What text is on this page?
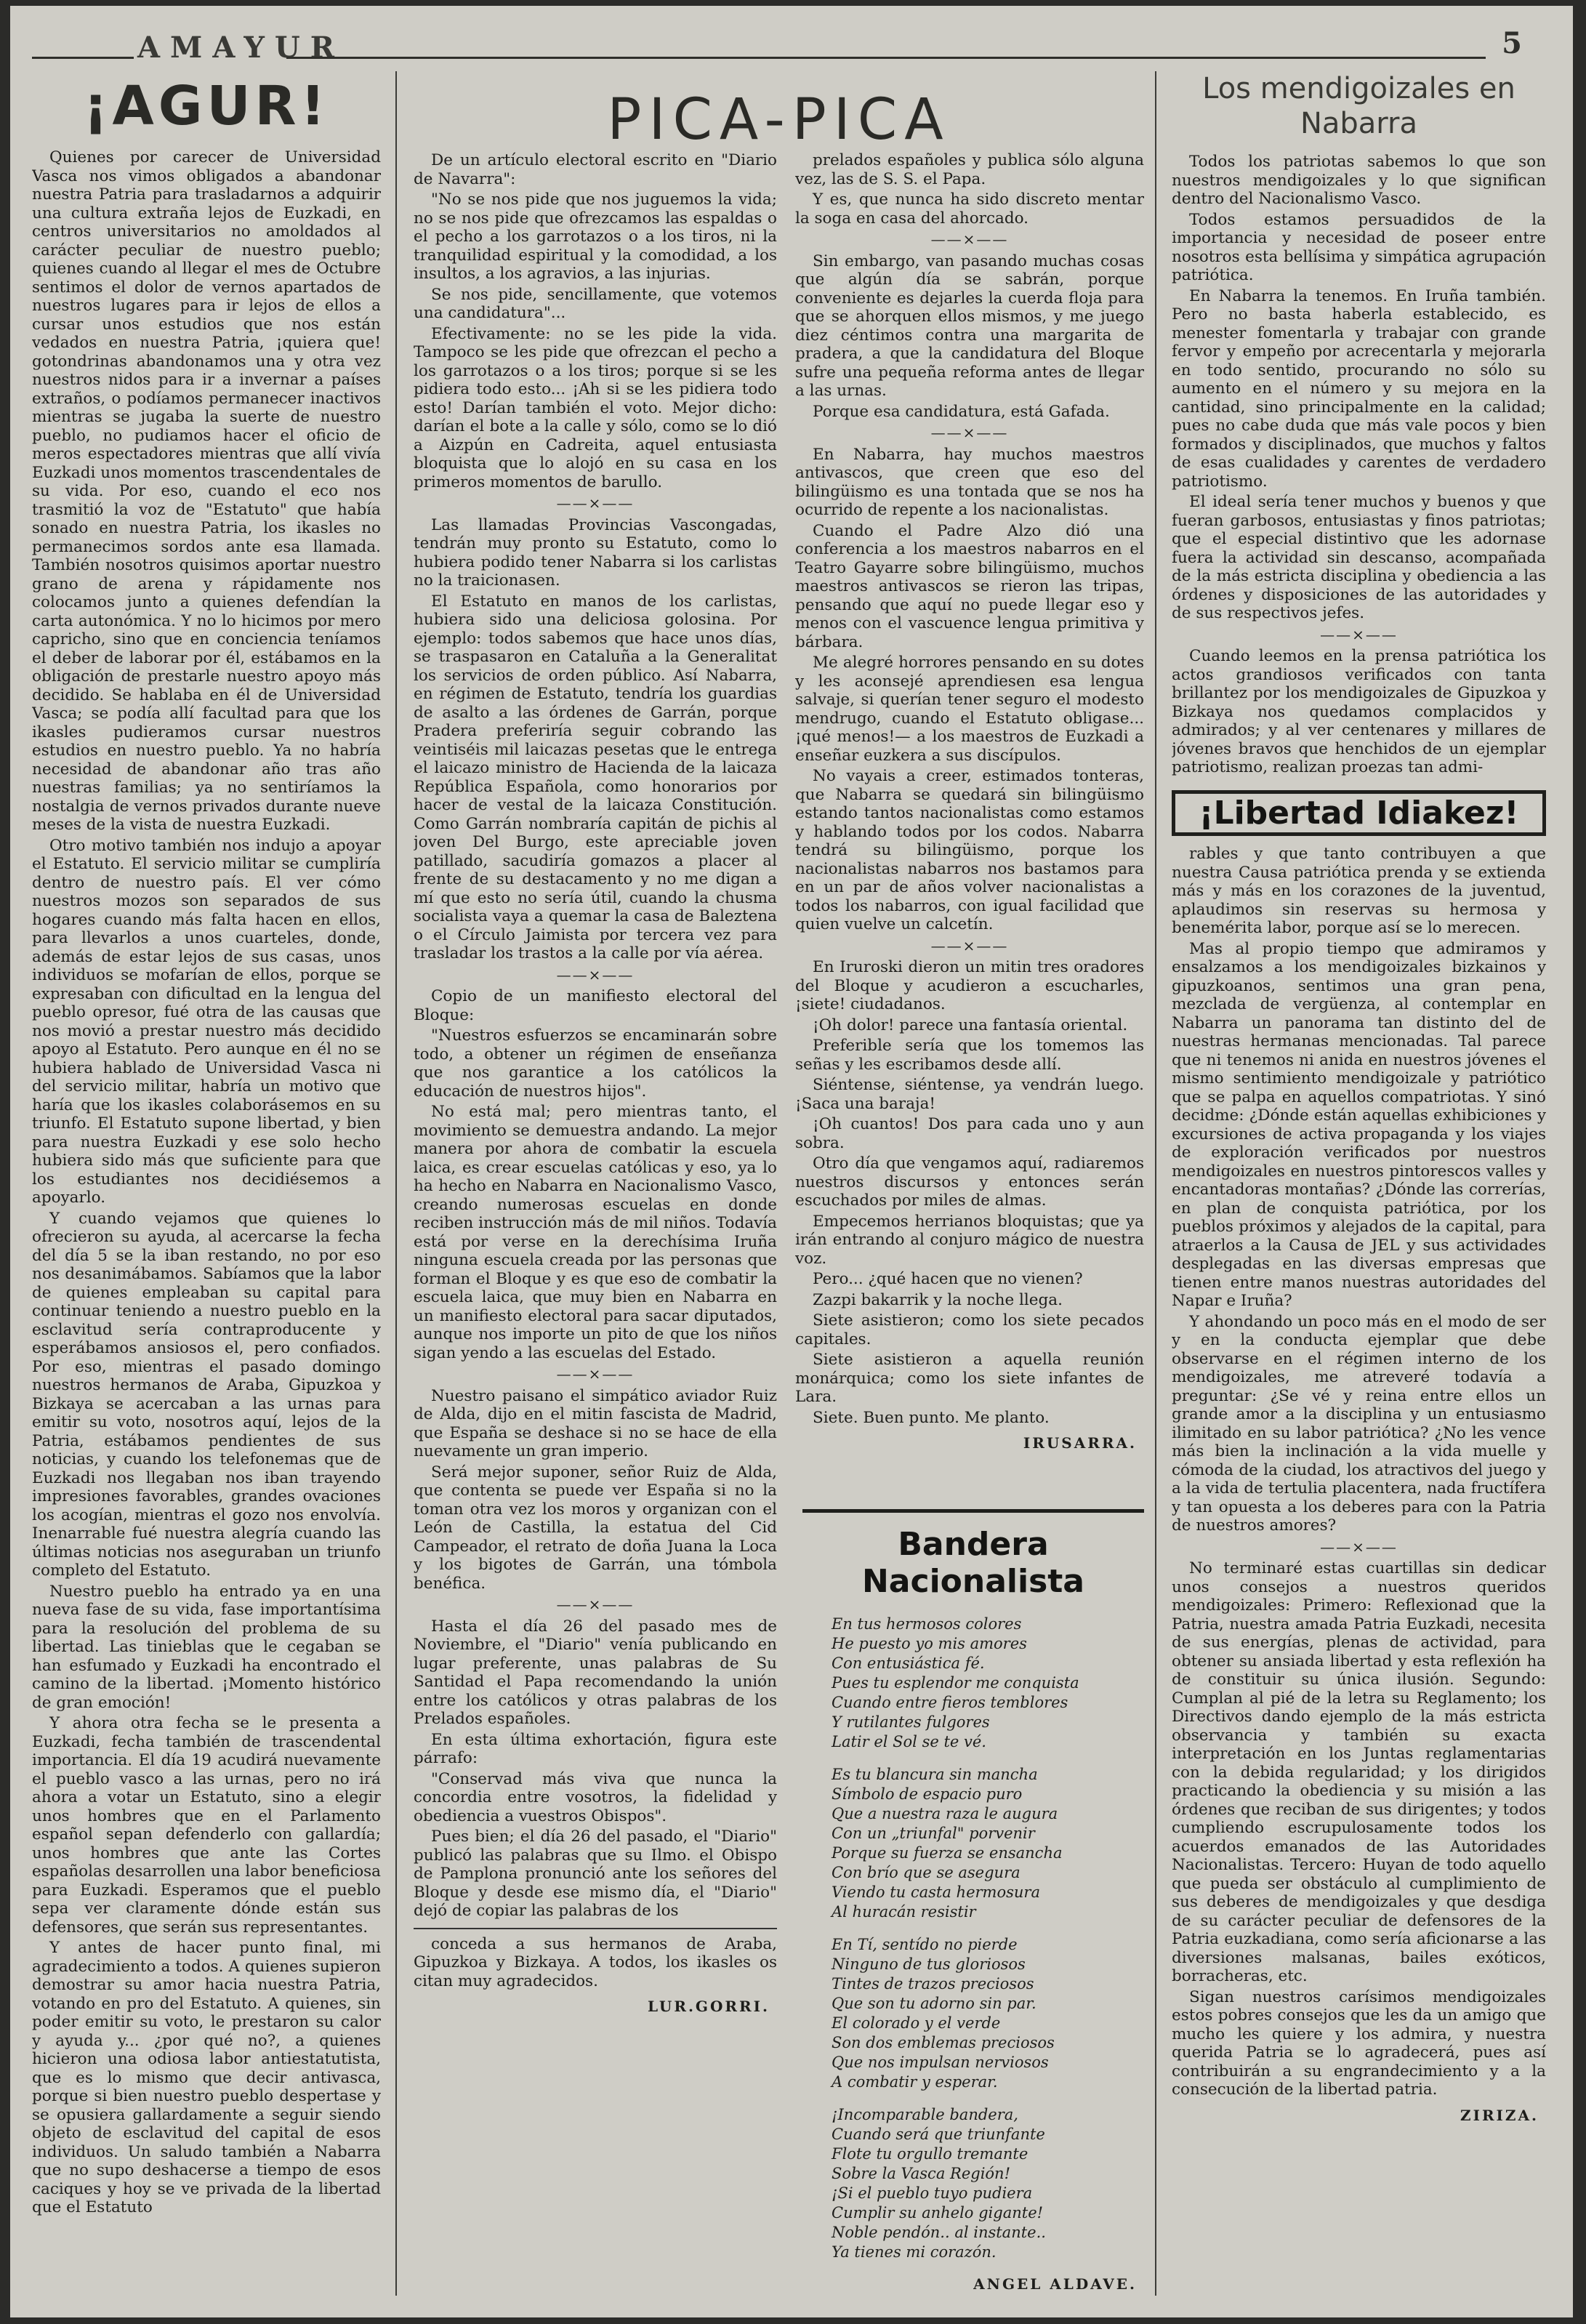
AMAYUR	5
¡AGUR!

Quienes por carecer de Universidad Vasca nos vimos obligados a abandonar nuestra Patria para trasladarnos a adquirir una cultura extraña lejos de Euzkadi, en centros universitarios no amoldados al carácter peculiar de nuestro pueblo; quienes cuando al llegar el mes de Octubre sentimos el dolor de vernos apartados de nuestros lugares para ir lejos de ellos a cursar unos estudios que nos están vedados en nuestra Patria, ¡quiera que! gotondrinas abandonamos una y otra vez nuestros nidos para ir a invernar a países extraños, o podíamos permanecer inactivos mientras se jugaba la suerte de nuestro pueblo, no pudiamos hacer el oficio de meros espectadores mientras que allí vivía Euzkadi unos momentos trascendentales de su vida. Por eso, cuando el eco nos trasmitió la voz de "Estatuto" que había sonado en nuestra Patria, los ikasles no permanecimos sordos ante esa llamada. También nosotros quisimos aportar nuestro grano de arena y rápidamente nos colocamos junto a quienes defendían la carta autonómica. Y no lo hicimos por mero capricho, sino que en conciencia teníamos el deber de laborar por él, estábamos en la obligación de prestarle nuestro apoyo más decidido. Se hablaba en él de Universidad Vasca; se podía allí facultad para que los ikasles pudieramos cursar nuestros estudios en nuestro pueblo. Ya no habría necesidad de abandonar año tras año nuestras familias; ya no sentiríamos la nostalgia de vernos privados durante nueve meses de la vista de nuestra Euzkadi.

Otro motivo también nos indujo a apoyar el Estatuto. El servicio militar se cumpliría dentro de nuestro país. El ver cómo nuestros mozos son separados de sus hogares cuando más falta hacen en ellos, para llevarlos a unos cuarteles, donde, además de estar lejos de sus casas, unos individuos se mofarían de ellos, porque se expresaban con dificultad en la lengua del pueblo opresor, fué otra de las causas que nos movió a prestar nuestro más decidido apoyo al Estatuto. Pero aunque en él no se hubiera hablado de Universidad Vasca ni del servicio militar, habría un motivo que haría que los ikasles colaborásemos en su triunfo. El Estatuto supone libertad, y bien para nuestra Euzkadi y ese solo hecho hubiera sido más que suficiente para que los estudiantes nos decidiésemos a apoyarlo.

Y cuando vejamos que quienes lo ofrecieron su ayuda, al acercarse la fecha del día 5 se la iban restando, no por eso nos desanimábamos. Sabíamos que la labor de quienes empleaban su capital para continuar teniendo a nuestro pueblo en la esclavitud sería contraproducente y esperábamos ansiosos el, pero confiados. Por eso, mientras el pasado domingo nuestros hermanos de Araba, Gipuzkoa y Bizkaya se acercaban a las urnas para emitir su voto, nosotros aquí, lejos de la Patria, estábamos pendientes de sus noticias, y cuando los telefonemas que de Euzkadi nos llegaban nos iban trayendo impresiones favorables, grandes ovaciones los acogían, mientras el gozo nos envolvía. Inenarrable fué nuestra alegría cuando las últimas noticias nos aseguraban un triunfo completo del Estatuto.

Nuestro pueblo ha entrado ya en una nueva fase de su vida, fase importantísima para la resolución del problema de su libertad. Las tinieblas que le cegaban se han esfumado y Euzkadi ha encontrado el camino de la libertad. ¡Momento histórico de gran emoción!

Y ahora otra fecha se le presenta a Euzkadi, fecha también de trascendental importancia. El día 19 acudirá nuevamente el pueblo vasco a las urnas, pero no irá ahora a votar un Estatuto, sino a elegir unos hombres que en el Parlamento español sepan defenderlo con gallardía; unos hombres que ante las Cortes españolas desarrollen una labor beneficiosa para Euzkadi. Esperamos que el pueblo sepa ver claramente dónde están sus defensores, que serán sus representantes.

Y antes de hacer punto final, mi agradecimiento a todos. A quienes supieron demostrar su amor hacia nuestra Patria, votando en pro del Estatuto. A quienes, sin poder emitir su voto, le prestaron su calor y ayuda y... ¿por qué no?, a quienes hicieron una odiosa labor antiestatutista, que es lo mismo que decir antivasca, porque si bien nuestro pueblo despertase y se opusiera gallardamente a seguir siendo objeto de esclavitud del capital de esos individuos. Un saludo también a Nabarra que no supo deshacerse a tiempo de esos caciques y hoy se ve privada de la libertad que el Estatuto

PICA-PICA

De un artículo electoral escrito en "Diario de Navarra":

"No se nos pide que nos juguemos la vida; no se nos pide que ofrezcamos las espaldas o el pecho a los garrotazos o a los tiros, ni la tranquilidad espiritual y la comodidad, a los insultos, a los agravios, a las injurias.

Se nos pide, sencillamente, que votemos una candidatura"...

Efectivamente: no se les pide la vida. Tampoco se les pide que ofrezcan el pecho a los garrotazos o a los tiros; porque si se les pidiera todo esto... ¡Ah si se les pidiera todo esto! Darían también el voto. Mejor dicho: darían el bote a la calle y sólo, como se lo dió a Aizpún en Cadreita, aquel entusiasta bloquista que lo alojó en su casa en los primeros momentos de barullo.

——×——

Las llamadas Provincias Vascongadas, tendrán muy pronto su Estatuto, como lo hubiera podido tener Nabarra si los carlistas no la traicionasen.

El Estatuto en manos de los carlistas, hubiera sido una deliciosa golosina. Por ejemplo: todos sabemos que hace unos días, se traspasaron en Cataluña a la Generalitat los servicios de orden público. Así Nabarra, en régimen de Estatuto, tendría los guardias de asalto a las órdenes de Garrán, porque Pradera preferiría seguir cobrando las veintiséis mil laicazas pesetas que le entrega el laicazo ministro de Hacienda de la laicaza República Española, como honorarios por hacer de vestal de la laicaza Constitución. Como Garrán nombraría capitán de pichis al joven Del Burgo, este apreciable joven patillado, sacudiría gomazos a placer al frente de su destacamento y no me digan a mí que esto no sería útil, cuando la chusma socialista vaya a quemar la casa de Baleztena o el Círculo Jaimista por tercera vez para trasladar los trastos a la calle por vía aérea.

——×——

Copio de un manifiesto electoral del Bloque:

"Nuestros esfuerzos se encaminarán sobre todo, a obtener un régimen de enseñanza que nos garantice a los católicos la educación de nuestros hijos".

No está mal; pero mientras tanto, el movimiento se demuestra andando. La mejor manera por ahora de combatir la escuela laica, es crear escuelas católicas y eso, ya lo ha hecho en Nabarra en Nacionalismo Vasco, creando numerosas escuelas en donde reciben instrucción más de mil niños. Todavía está por verse en la derechísima Iruña ninguna escuela creada por las personas que forman el Bloque y es que eso de combatir la escuela laica, que muy bien en Nabarra en un manifiesto electoral para sacar diputados, aunque nos importe un pito de que los niños sigan yendo a las escuelas del Estado.

——×——

Nuestro paisano el simpático aviador Ruiz de Alda, dijo en el mitin fascista de Madrid, que España se deshace si no se hace de ella nuevamente un gran imperio.

Será mejor suponer, señor Ruiz de Alda, que contenta se puede ver España si no la toman otra vez los moros y organizan con el León de Castilla, la estatua del Cid Campeador, el retrato de doña Juana la Loca y los bigotes de Garrán, una tómbola benéfica.

——×——

Hasta el día 26 del pasado mes de Noviembre, el "Diario" venía publicando en lugar preferente, unas palabras de Su Santidad el Papa recomendando la unión entre los católicos y otras palabras de los Prelados españoles.

En esta última exhortación, figura este párrafo:

"Conservad más viva que nunca la concordia entre vosotros, la fidelidad y obediencia a vuestros Obispos".

Pues bien; el día 26 del pasado, el "Diario" publicó las palabras que su Ilmo. el Obispo de Pamplona pronunció ante los señores del Bloque y desde ese mismo día, el "Diario" dejó de copiar las palabras de los

conceda a sus hermanos de Araba, Gipuzkoa y Bizkaya. A todos, los ikasles os citan muy agradecidos.

LUR.GORRI.

prelados españoles y publica sólo alguna vez, las de S. S. el Papa.

Y es, que nunca ha sido discreto mentar la soga en casa del ahorcado.

——×——

Sin embargo, van pasando muchas cosas que algún día se sabrán, porque conveniente es dejarles la cuerda floja para que se ahorquen ellos mismos, y me juego diez céntimos contra una margarita de pradera, a que la candidatura del Bloque sufre una pequeña reforma antes de llegar a las urnas.

Porque esa candidatura, está Gafada.

——×——

En Nabarra, hay muchos maestros antivascos, que creen que eso del bilingüismo es una tontada que se nos ha ocurrido de repente a los nacionalistas.

Cuando el Padre Alzo dió una conferencia a los maestros nabarros en el Teatro Gayarre sobre bilingüismo, muchos maestros antivascos se rieron las tripas, pensando que aquí no puede llegar eso y menos con el vascuence lengua primitiva y bárbara.

Me alegré horrores pensando en su dotes y les aconsejé aprendiesen esa lengua salvaje, si querían tener seguro el modesto mendrugo, cuando el Estatuto obligase... ¡qué menos!— a los maestros de Euzkadi a enseñar euzkera a sus discípulos.

No vayais a creer, estimados tonteras, que Nabarra se quedará sin bilingüismo estando tantos nacionalistas como estamos y hablando todos por los codos. Nabarra tendrá su bilingüismo, porque los nacionalistas nabarros nos bastamos para en un par de años volver nacionalistas a todos los nabarros, con igual facilidad que quien vuelve un calcetín.

——×——

En Iruroski dieron un mitin tres oradores del Bloque y acudieron a escucharles, ¡siete! ciudadanos.

¡Oh dolor! parece una fantasía oriental.

Preferible sería que los tomemos las señas y les escribamos desde allí.

Siéntense, siéntense, ya vendrán luego. ¡Saca una baraja!

¡Oh cuantos! Dos para cada uno y aun sobra.

Otro día que vengamos aquí, radiaremos nuestros discursos y entonces serán escuchados por miles de almas.

Empecemos herrianos bloquistas; que ya irán entrando al conjuro mágico de nuestra voz.

Pero... ¿qué hacen que no vienen?

Zazpi bakarrik y la noche llega.

Siete asistieron; como los siete pecados capitales.

Siete asistieron a aquella reunión monárquica; como los siete infantes de Lara.

Siete. Buen punto. Me planto.

IRUSARRA.
Bandera Nacionalista
En tus hermosos colores
He puesto yo mis amores
Con entusiástica fé.
Pues tu esplendor me conquista
Cuando entre fieros temblores
Y rutilantes fulgores
Latir el Sol se te vé.
Es tu blancura sin mancha
Símbolo de espacio puro
Que a nuestra raza le augura
Con un „triunfal" porvenir
Porque su fuerza se ensancha
Con brío que se asegura
Viendo tu casta hermosura
Al huracán resistir
En Tí, sentído no pierde
Ninguno de tus gloriosos
Tintes de trazos preciosos
Que son tu adorno sin par.
El colorado y el verde
Son dos emblemas preciosos
Que nos impulsan nerviosos
A combatir y esperar.
¡Incomparable bandera,
Cuando será que triunfante
Flote tu orgullo tremante
Sobre la Vasca Región!
¡Si el pueblo tuyo pudiera
Cumplir su anhelo gigante!
Noble pendón.. al instante..
Ya tienes mi corazón.
ANGEL ALDAVE.
Los mendigoizales en Nabarra

Todos los patriotas sabemos lo que son nuestros mendigoizales y lo que significan dentro del Nacionalismo Vasco.

Todos estamos persuadidos de la importancia y necesidad de poseer entre nosotros esta bellísima y simpática agrupación patriótica.

En Nabarra la tenemos. En Iruña también. Pero no basta haberla establecido, es menester fomentarla y trabajar con grande fervor y empeño por acrecentarla y mejorarla en todo sentido, procurando no sólo su aumento en el número y su mejora en la cantidad, sino principalmente en la calidad; pues no cabe duda que más vale pocos y bien formados y disciplinados, que muchos y faltos de esas cualidades y carentes de verdadero patriotismo.

El ideal sería tener muchos y buenos y que fueran garbosos, entusiastas y finos patriotas; que el especial distintivo que les adornase fuera la actividad sin descanso, acompañada de la más estricta disciplina y obediencia a las órdenes y disposiciones de las autoridades y de sus respectivos jefes.

——×——

Cuando leemos en la prensa patriótica los actos grandiosos verificados con tanta brillantez por los mendigoizales de Gipuzkoa y Bizkaya nos quedamos complacidos y admirados; y al ver centenares y millares de jóvenes bravos que henchidos de un ejemplar patriotismo, realizan proezas tan admi-

¡Libertad Idiakez!

rables y que tanto contribuyen a que nuestra Causa patriótica prenda y se extienda más y más en los corazones de la juventud, aplaudimos sin reservas su hermosa y benemérita labor, porque así se lo merecen.

Mas al propio tiempo que admiramos y ensalzamos a los mendigoizales bizkainos y gipuzkoanos, sentimos una gran pena, mezclada de vergüenza, al contemplar en Nabarra un panorama tan distinto del de nuestras hermanas mencionadas. Tal parece que ni tenemos ni anida en nuestros jóvenes el mismo sentimiento mendigoizale y patriótico que se palpa en aquellos compatriotas. Y sinó decidme: ¿Dónde están aquellas exhibiciones y excursiones de activa propaganda y los viajes de exploración verificados por nuestros mendigoizales en nuestros pintorescos valles y encantadoras montañas? ¿Dónde las correrías, en plan de conquista patriótica, por los pueblos próximos y alejados de la capital, para atraerlos a la Causa de JEL y sus actividades desplegadas en las diversas empresas que tienen entre manos nuestras autoridades del Napar e Iruña?

Y ahondando un poco más en el modo de ser y en la conducta ejemplar que debe observarse en el régimen interno de los mendigoizales, me atreveré todavía a preguntar: ¿Se vé y reina entre ellos un grande amor a la disciplina y un entusiasmo ilimitado en su labor patriótica? ¿No les vence más bien la inclinación a la vida muelle y cómoda de la ciudad, los atractivos del juego y a la vida de tertulia placentera, nada fructífera y tan opuesta a los deberes para con la Patria de nuestros amores?

——×——

No terminaré estas cuartillas sin dedicar unos consejos a nuestros queridos mendigoizales: Primero: Reflexionad que la Patria, nuestra amada Patria Euzkadi, necesita de sus energías, plenas de actividad, para obtener su ansiada libertad y esta reflexión ha de constituir su única ilusión. Segundo: Cumplan al pié de la letra su Reglamento; los Directivos dando ejemplo de la más estricta observancia y también su exacta interpretación en los Juntas reglamentarias con la debida regularidad; y los dirigidos practicando la obediencia y su misión a las órdenes que reciban de sus dirigentes; y todos cumpliendo escrupulosamente todos los acuerdos emanados de las Autoridades Nacionalistas. Tercero: Huyan de todo aquello que pueda ser obstáculo al cumplimiento de sus deberes de mendigoizales y que desdiga de su carácter peculiar de defensores de la Patria euzkadiana, como sería aficionarse a las diversiones malsanas, bailes exóticos, borracheras, etc.

Sigan nuestros carísimos mendigoizales estos pobres consejos que les da un amigo que mucho les quiere y los admira, y nuestra querida Patria se lo agradecerá, pues así contribuirán a su engrandecimiento y a la consecución de la libertad patria.

ZIRIZA.
